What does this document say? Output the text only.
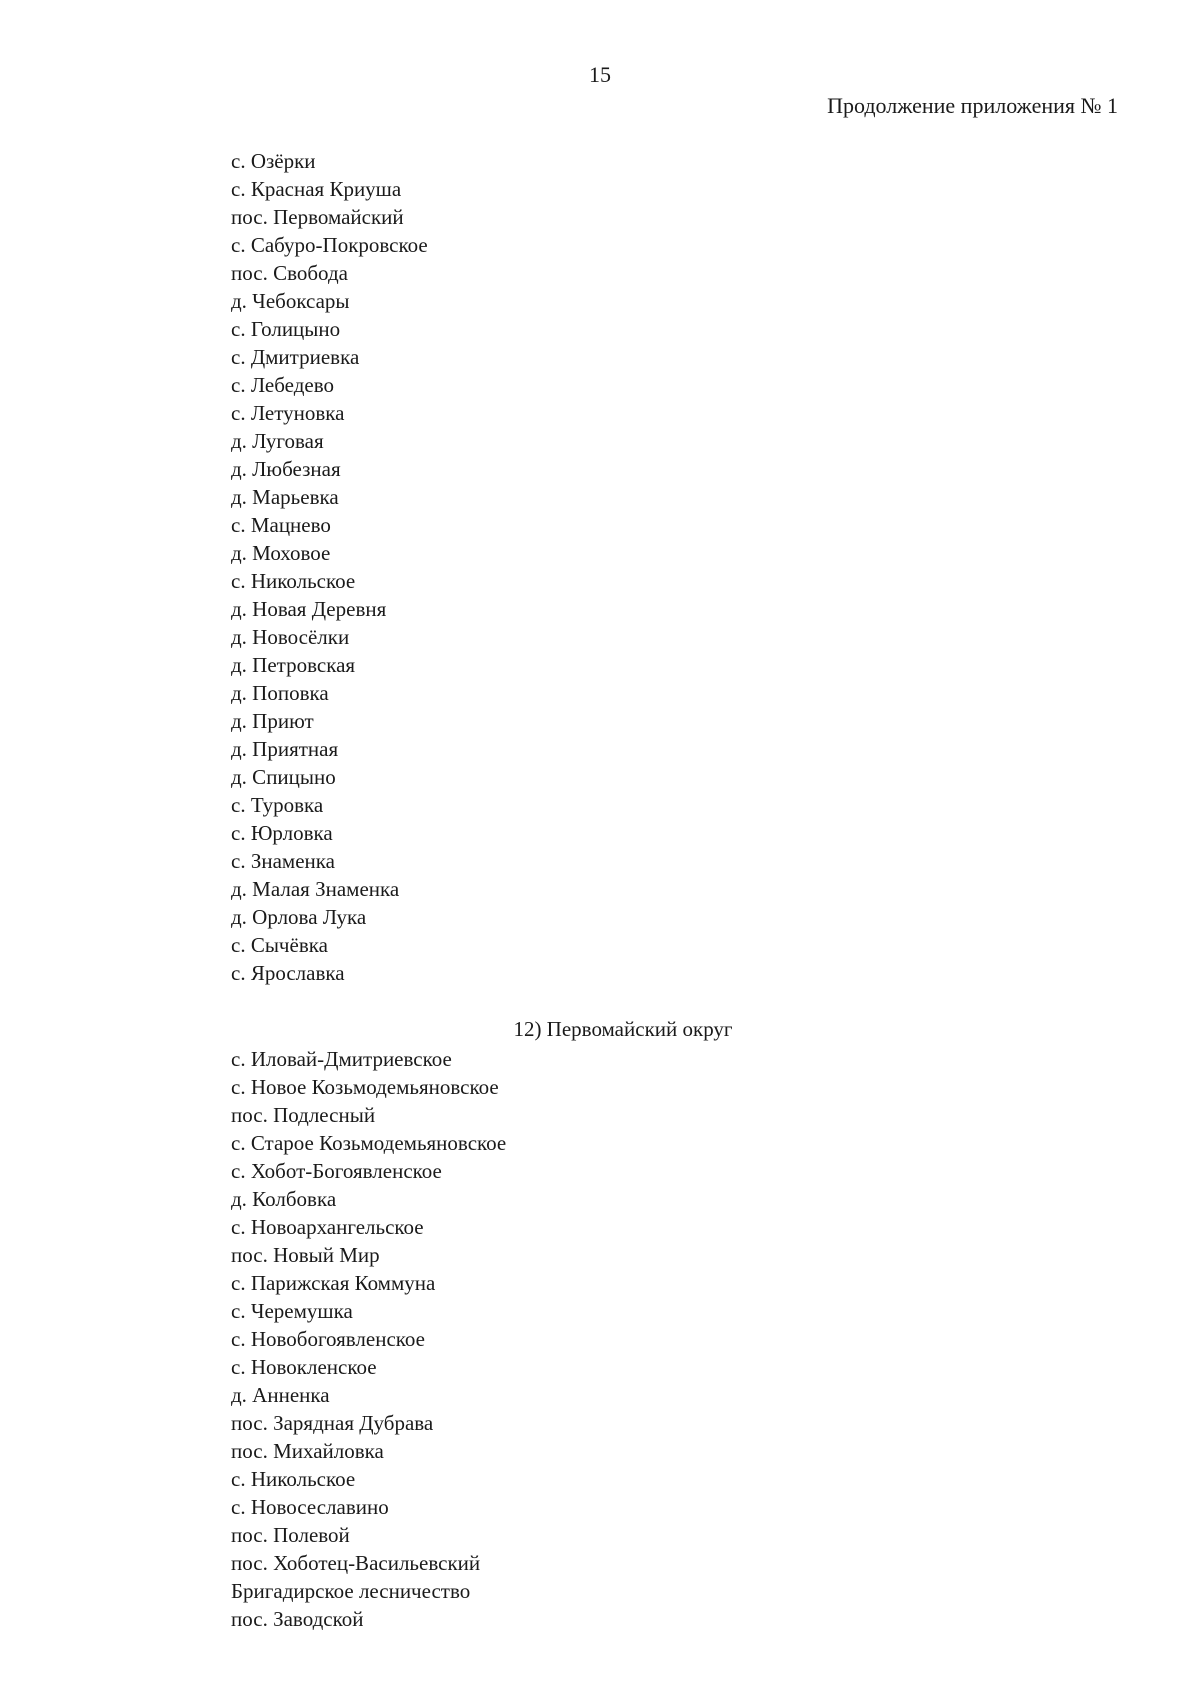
15
Продолжение приложения № 1
с. Озёрки
с. Красная Криуша
пос. Первомайский
с. Сабуро-Покровское
пос. Свобода
д. Чебоксары
с. Голицыно
с. Дмитриевка
с. Лебедево
с. Летуновка
д. Луговая
д. Любезная
д. Марьевка
с. Мацнево
д. Моховое
с. Никольское
д. Новая Деревня
д. Новосёлки
д. Петровская
д. Поповка
д. Приют
д. Приятная
д. Спицыно
с. Туровка
с. Юрловка
с. Знаменка
д. Малая Знаменка
д. Орлова Лука
с. Сычёвка
с. Ярославка
12) Первомайский округ
с. Иловай-Дмитриевское
с. Новое Козьмодемьяновское
пос. Подлесный
с. Старое Козьмодемьяновское
с. Хобот-Богоявленское
д. Колбовка
с. Новоархангельское
пос. Новый Мир
с. Парижская Коммуна
с. Черемушка
с. Новобогоявленское
с. Новокленское
д. Анненка
пос. Зарядная Дубрава
пос. Михайловка
с. Никольское
с. Новосеславино
пос. Полевой
пос. Хоботец-Васильевский
Бригадирское лесничество
пос. Заводской
